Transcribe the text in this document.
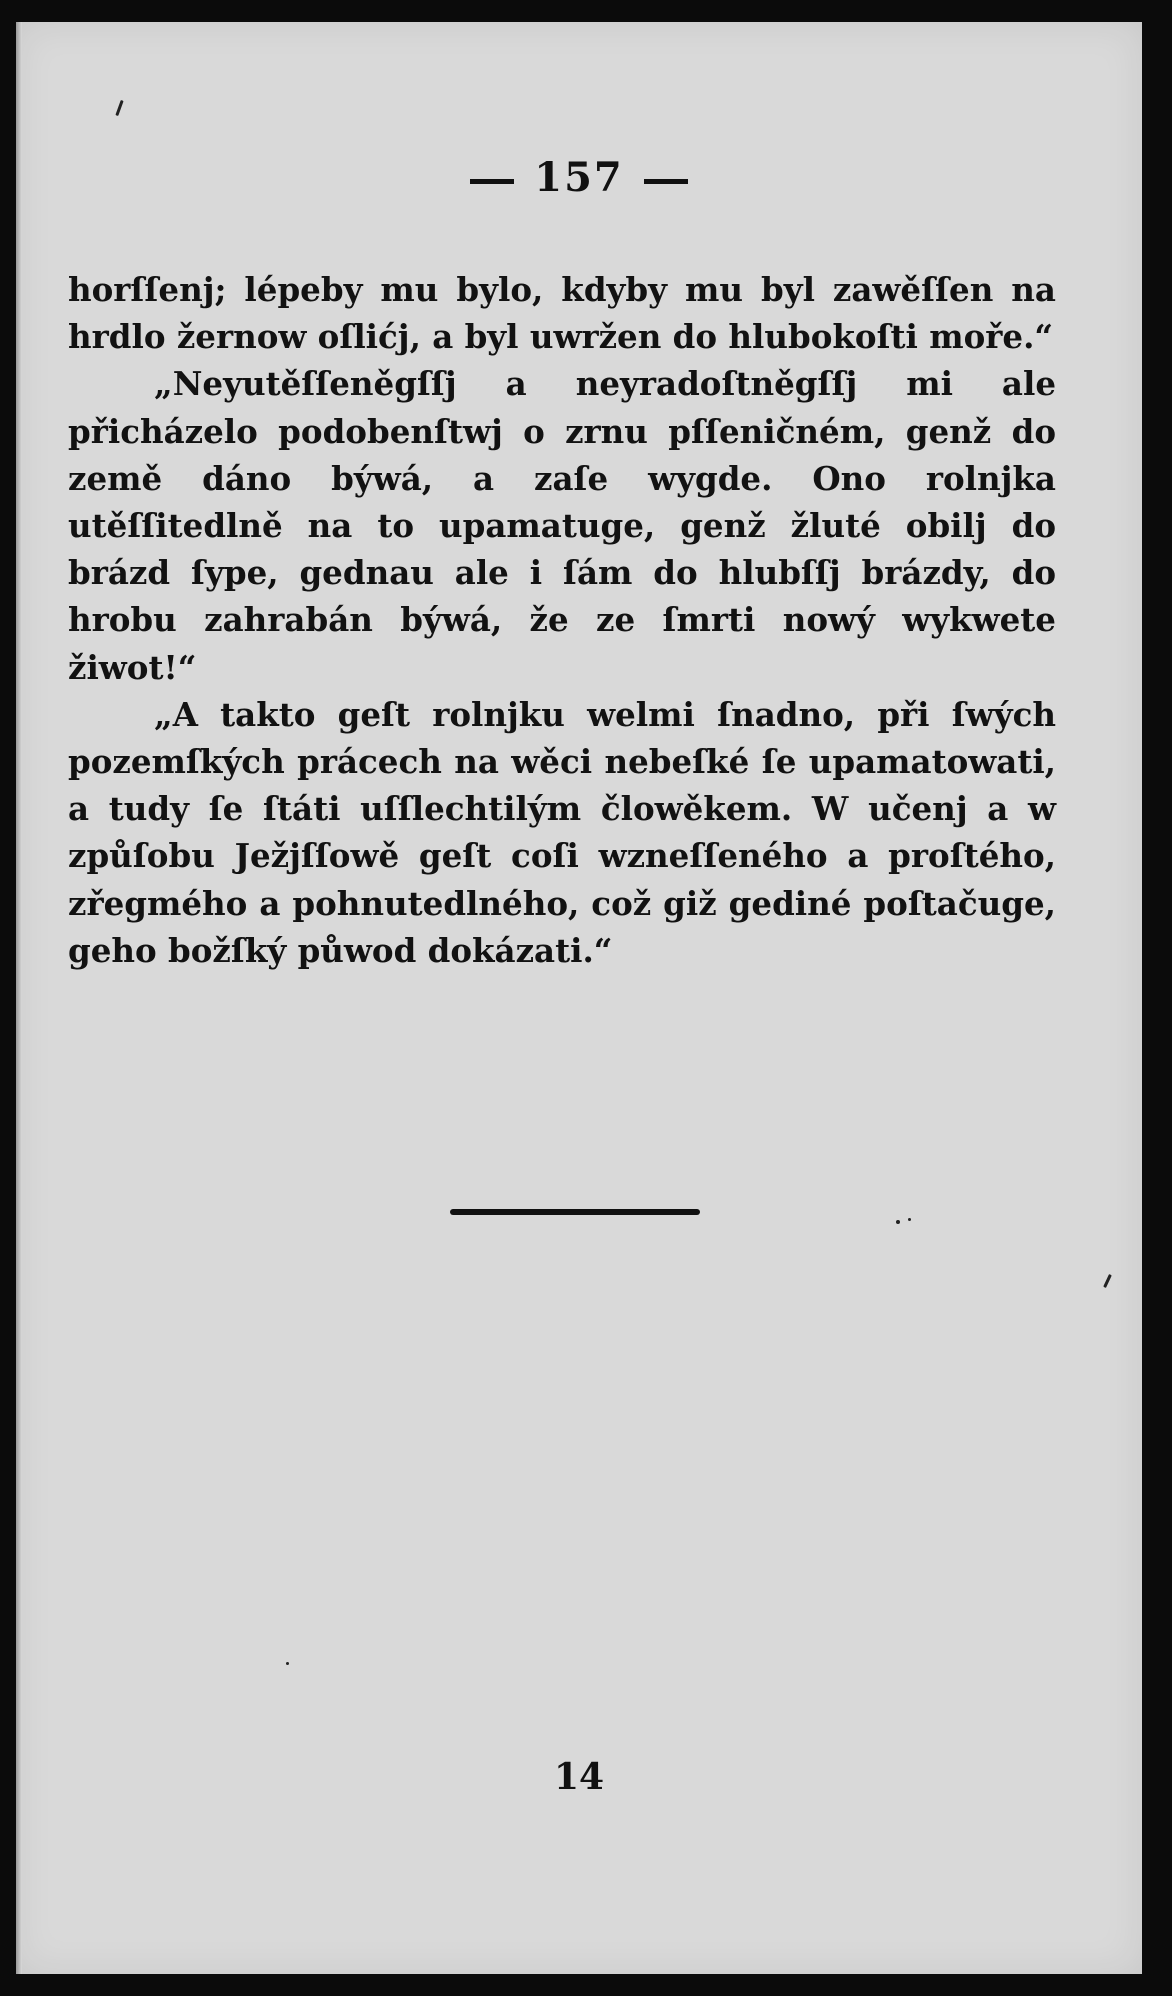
157

horſſenj; lépeby mu bylo, kdyby mu byl zawěſſen na hrdlo žernow oſlićj, a byl uwržen do hlubokoſti moře.“

„Neyutěſſeněgſſj a neyradoſtněgſſj mi ale přicházelo podobenſtwj o zrnu pſſeničném, genž do země dáno býwá, a zaſe wygde. Ono rolnjka utěſſitedlně na to upamatuge, genž žluté obilj do brázd ſype, gednau ale i ſám do hlubſſj brázdy, do hrobu zahrabán býwá, že ze ſmrti nowý wykwete žiwot!“

„A takto geſt rolnjku welmi ſnadno, při ſwých pozemſkých prácech na wěci nebeſké ſe upamatowati, a tudy ſe ſtáti uſſlechtilým člowěkem. W učenj a w způſobu Ježjſſowě geſt coſi wzneſſeného a proſtého, zřegmého a pohnutedlného, což giž gediné poſtačuge, geho božſký půwod dokázati.“

14
